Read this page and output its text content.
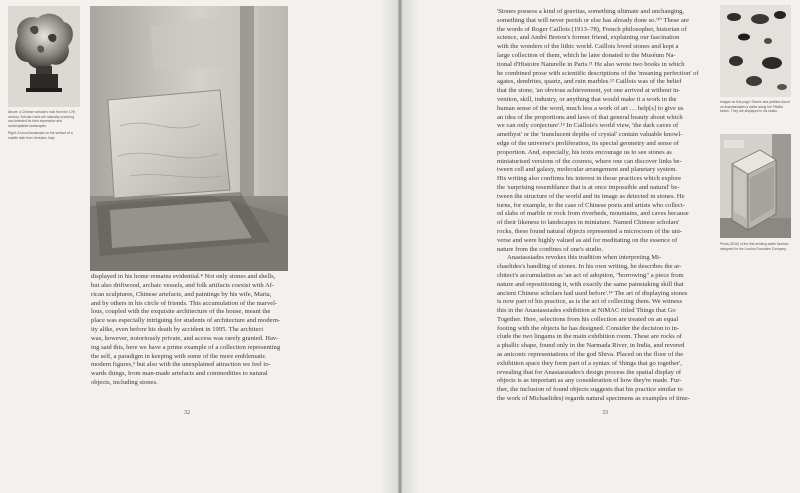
Above: A Chinese scholar's rock from the 17th century. Scholar rocks are naturally occurring and selected for their expressive and contemplative landscapes.

Right: A found landscape on the surface of a marble slab from Verdalen, Italy.

displayed in his home remains evidential.⁸ Not only stones and shells,

but also driftwood, archaic vessels, and folk artifacts coexist with Af-

rican sculptures, Chinese artefacts, and paintings by his wife, Maria,

and by others in his circle of friends. This accumulation of the marvel-

lous, coupled with the exquisite architecture of the house, meant the

place was especially intriguing for students of architecture and modern-

ity alike, even before his death by accident in 1995. The architect

was, however, notoriously private, and access was rarely granted. Hav-

ing said this, here we have a prime example of a collection representing

the self, a paradigm in keeping with some of the more emblematic

modern figures,⁹ but also with the unexplained attraction we feel to-

wards things, from man-made artefacts and commodities to natural

objects, including stones.

32

'Stones possess a kind of gravitas, something ultimate and unchanging,

something that will never perish or else has already done so.'¹⁰ These are

the words of Roger Caillois (1913–78), French philosopher, historian of

science, and André Breton's former friend, explaining our fascination

with the wonders of the lithic world. Caillois loved stones and kept a

large collection of them, which he later donated to the Muséum Na-

tional d'Histoire Naturelle in Paris.¹¹ He also wrote two books in which

he combined prose with scientific descriptions of the 'meaning perfection' of

agates, dendrites, quartz, and ruin marbles.¹² Caillois was of the belief

that the stone, 'an obvious achievement, yet one arrived at without in-

vention, skill, industry, or anything that would make it a work in the

human sense of the word, much less a work of art … help[s] to give us

an idea of the proportions and laws of that general beauty about which

we can only conjecture'.¹³ In Caillois's world view, 'the dark caves of

amethyst' or the 'translucent depths of crystal' contain valuable knowl-

edge of the universe's proliferation, its special geometry and sense of

proportion. And, especially, his texts encourage us to see stones as

miniaturised versions of the cosmos, where one can discover links be-

tween cell and galaxy, molecular arrangement and planetary system.

His writing also confirms his interest in those practices which explore

the 'surprising resemblance that is at once impossible and natural' be-

tween the structure of the world and its image as detected in stones. He

turns, for example, to the case of Chinese poets and artists who collect-

ed slabs of marble or rock from riverbeds, mountains, and caves because

of their likeness to landscapes in miniature. Named Chinese scholars'

rocks, these found natural objects represented a microcosm of the uni-

verse and were highly valued as aid for meditating on the essence of

nature from the confines of one's studio.

Anastassiades revokes this tradition when interpreting Mi-

chaelides's handling of stones. In his own writing, he describes the ar-

chitect's accumulation as 'an act of adoption, "borrowing" a piece from

nature and repositioning it, with exactly the same painstaking skill that

ancient Chinese scholars had used before'.¹⁴ The art of displaying stones

is now part of his practice, as is the act of collecting them. We witness

this in the Anastassiades exhibition at NiMAC titled Things that Go

Together. Here, selections from his collection are treated on an equal

footing with the objects he has designed. Consider the decision to in-

clude the two lingams in the main exhibition room. These are rocks of

a phallic shape, found only in the Narmada River, in India, and revered

as aniconic representations of the god Shiva. Placed on the floor of the

exhibition space they form part of a syntax of 'things that go together',

revealing that for Anastassiades's design process the spatial display of

objects is as important as any consideration of how they're made. Fur-

ther, the inclusion of found objects suggests that his practice similar to

the work of Michaelides) regards natural specimens as examples of time-

Images on this page: Stones and pebbles found on Anastassiades's walks along the Pitsillia beach. They are displayed in his studio.
Photo (2016) of the first drinking water fountain designed for the London Fountains Company.
33
